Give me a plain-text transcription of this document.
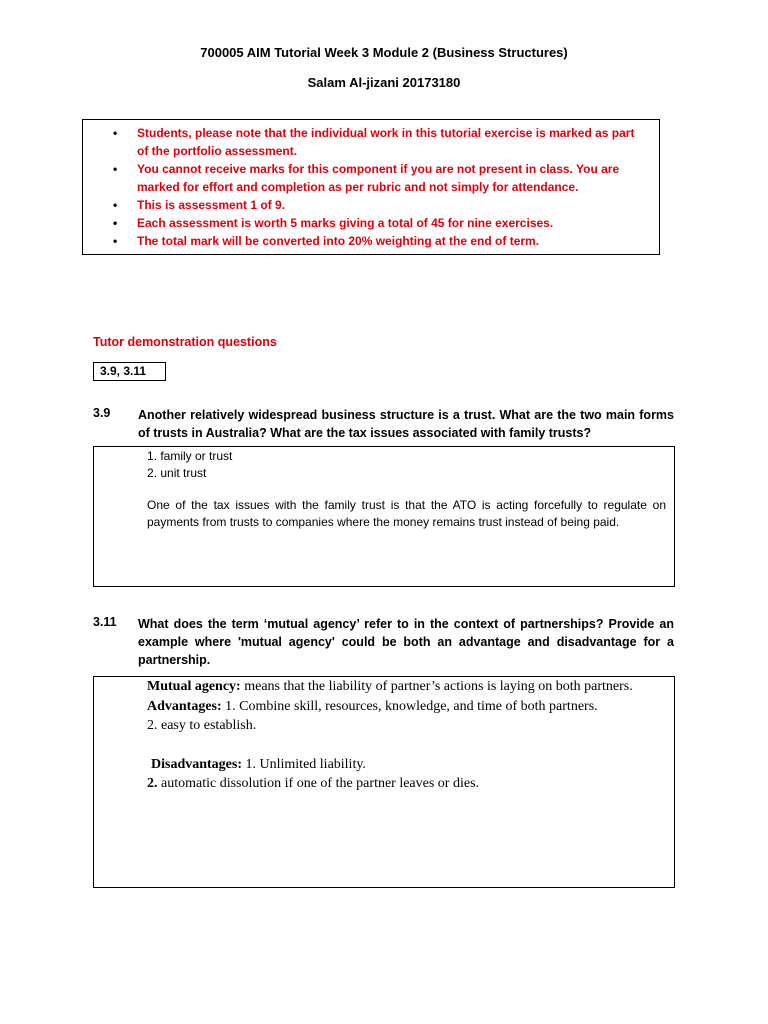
700005 AIM Tutorial Week 3 Module 2 (Business Structures)
Salam Al-jizani 20173180
• Students, please note that the individual work in this tutorial exercise is marked as part of the portfolio assessment.
• You cannot receive marks for this component if you are not present in class. You are marked for effort and completion as per rubric and not simply for attendance.
• This is assessment 1 of 9.
• Each assessment is worth 5 marks giving a total of 45 for nine exercises.
• The total mark will be converted into 20% weighting at the end of term.
Tutor demonstration questions
3.9, 3.11
3.9 Another relatively widespread business structure is a trust. What are the two main forms of trusts in Australia? What are the tax issues associated with family trusts?
1. family or trust
2. unit trust
One of the tax issues with the family trust is that the ATO is acting forcefully to regulate on payments from trusts to companies where the money remains trust instead of being paid.
3.11 What does the term ‘mutual agency’ refer to in the context of partnerships? Provide an example where 'mutual agency' could be both an advantage and disadvantage for a partnership.
Mutual agency: means that the liability of partner’s actions is laying on both partners.
Advantages: 1. Combine skill, resources, knowledge, and time of both partners.
2. easy to establish.
Disadvantages: 1. Unlimited liability.
2. automatic dissolution if one of the partner leaves or dies.
